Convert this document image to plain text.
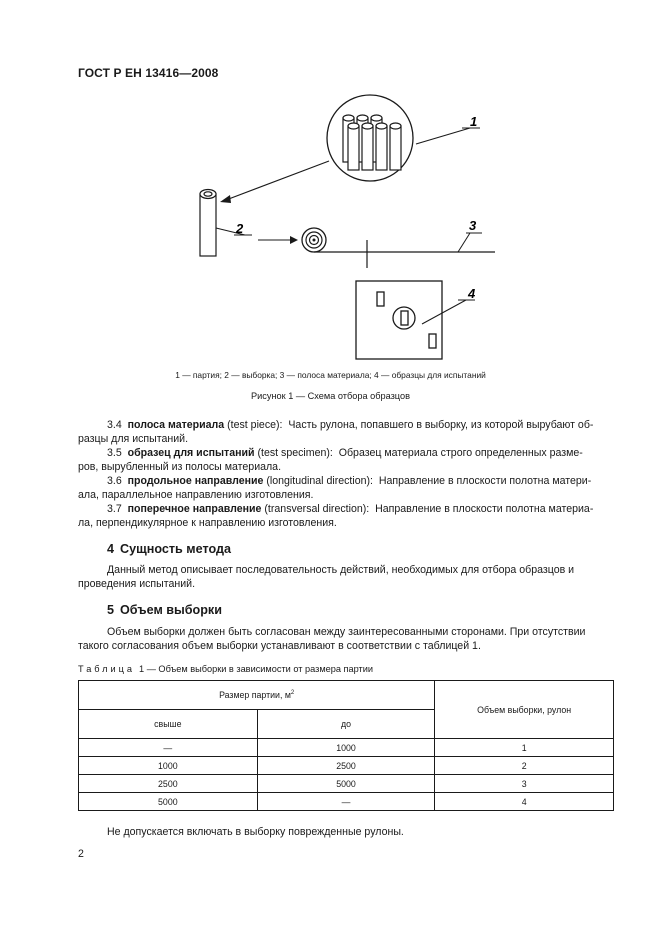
ГОСТ Р ЕН 13416—2008
1
2	3
4
1 — партия; 2 — выборка; 3 — полоса материала; 4 — образцы для испытаний
Рисунок 1 — Схема отбора образцов
3.4 полоса материала (test piece): Часть рулона, попавшего в выборку, из которой вырубают об-
разцы для испытаний.
3.5 образец для испытаний (test specimen): Образец материала строго определенных разме-
ров, вырубленный из полосы материала.
3.6 продольное направление (longitudinal direction): Направление в плоскости полотна матери-
ала, параллельное направлению изготовления.
3.7 поперечное направление (transversal direction): Направление в плоскости полотна материа-
ла, перпендикулярное к направлению изготовления.
4 Сущность метода
Данный метод описывает последовательность действий, необходимых для отбора образцов и
проведения испытаний.
5 Объем выборки
Объем выборки должен быть согласован между заинтересованными сторонами. При отсутствии
такого согласования объем выборки устанавливают в соответствии с таблицей 1.
Таблица 1 — Объем выборки в зависимости от размера партии
Размер партии, $м^2$		Объем выборки, рулон
свыше	до	
—	1000	1
1000	2500	2
2500	5000	3
5000	—	4
Не допускается включать в выборку поврежденные рулоны.
2
